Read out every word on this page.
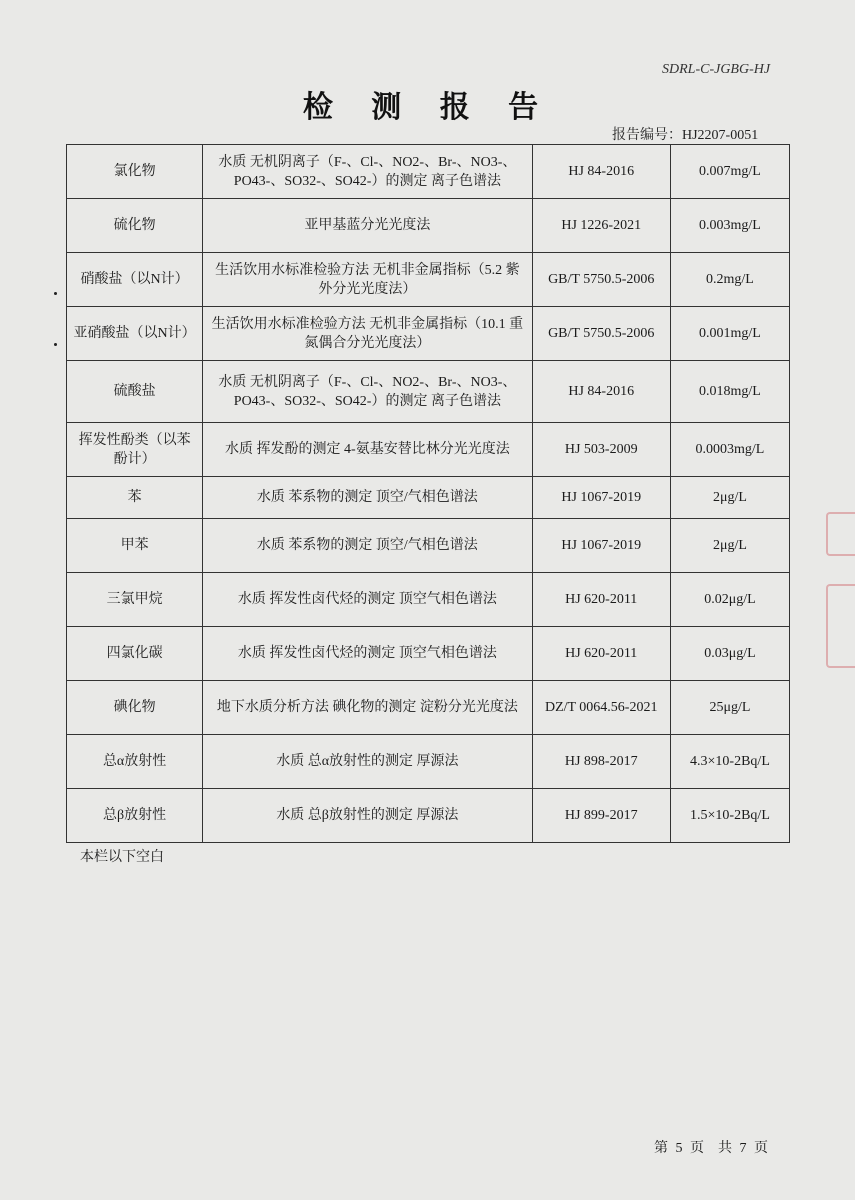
SDRL-C-JGBG-HJ
检 测 报 告
报告编号：HJ2207-0051
氯化物	水质 无机阴离子（F-、Cl-、NO2-、Br-、NO3-、PO43-、SO32-、SO42-）的测定 离子色谱法	HJ 84-2016	0.007mg/L
硫化物	亚甲基蓝分光光度法	HJ 1226-2021	0.003mg/L
硝酸盐（以N计）	生活饮用水标准检验方法 无机非金属指标（5.2 紫外分光光度法）	GB/T 5750.5-2006	0.2mg/L
亚硝酸盐（以N计）	生活饮用水标准检验方法 无机非金属指标（10.1 重氮偶合分光光度法）	GB/T 5750.5-2006	0.001mg/L
硫酸盐	水质 无机阴离子（F-、Cl-、NO2-、Br-、NO3-、PO43-、SO32-、SO42-）的测定 离子色谱法	HJ 84-2016	0.018mg/L
挥发性酚类（以苯酚计）	水质 挥发酚的测定 4-氨基安替比林分光光度法	HJ 503-2009	0.0003mg/L
苯	水质 苯系物的测定 顶空/气相色谱法	HJ 1067-2019	2μg/L
甲苯	水质 苯系物的测定 顶空/气相色谱法	HJ 1067-2019	2μg/L
三氯甲烷	水质 挥发性卤代烃的测定 顶空气相色谱法	HJ 620-2011	0.02μg/L
四氯化碳	水质 挥发性卤代烃的测定 顶空气相色谱法	HJ 620-2011	0.03μg/L
碘化物	地下水质分析方法 碘化物的测定 淀粉分光光度法	DZ/T 0064.56-2021	25μg/L
总α放射性	水质 总α放射性的测定 厚源法	HJ 898-2017	4.3×10-2Bq/L
总β放射性	水质 总β放射性的测定 厚源法	HJ 899-2017	1.5×10-2Bq/L
本栏以下空白
第 5 页　共 7 页
